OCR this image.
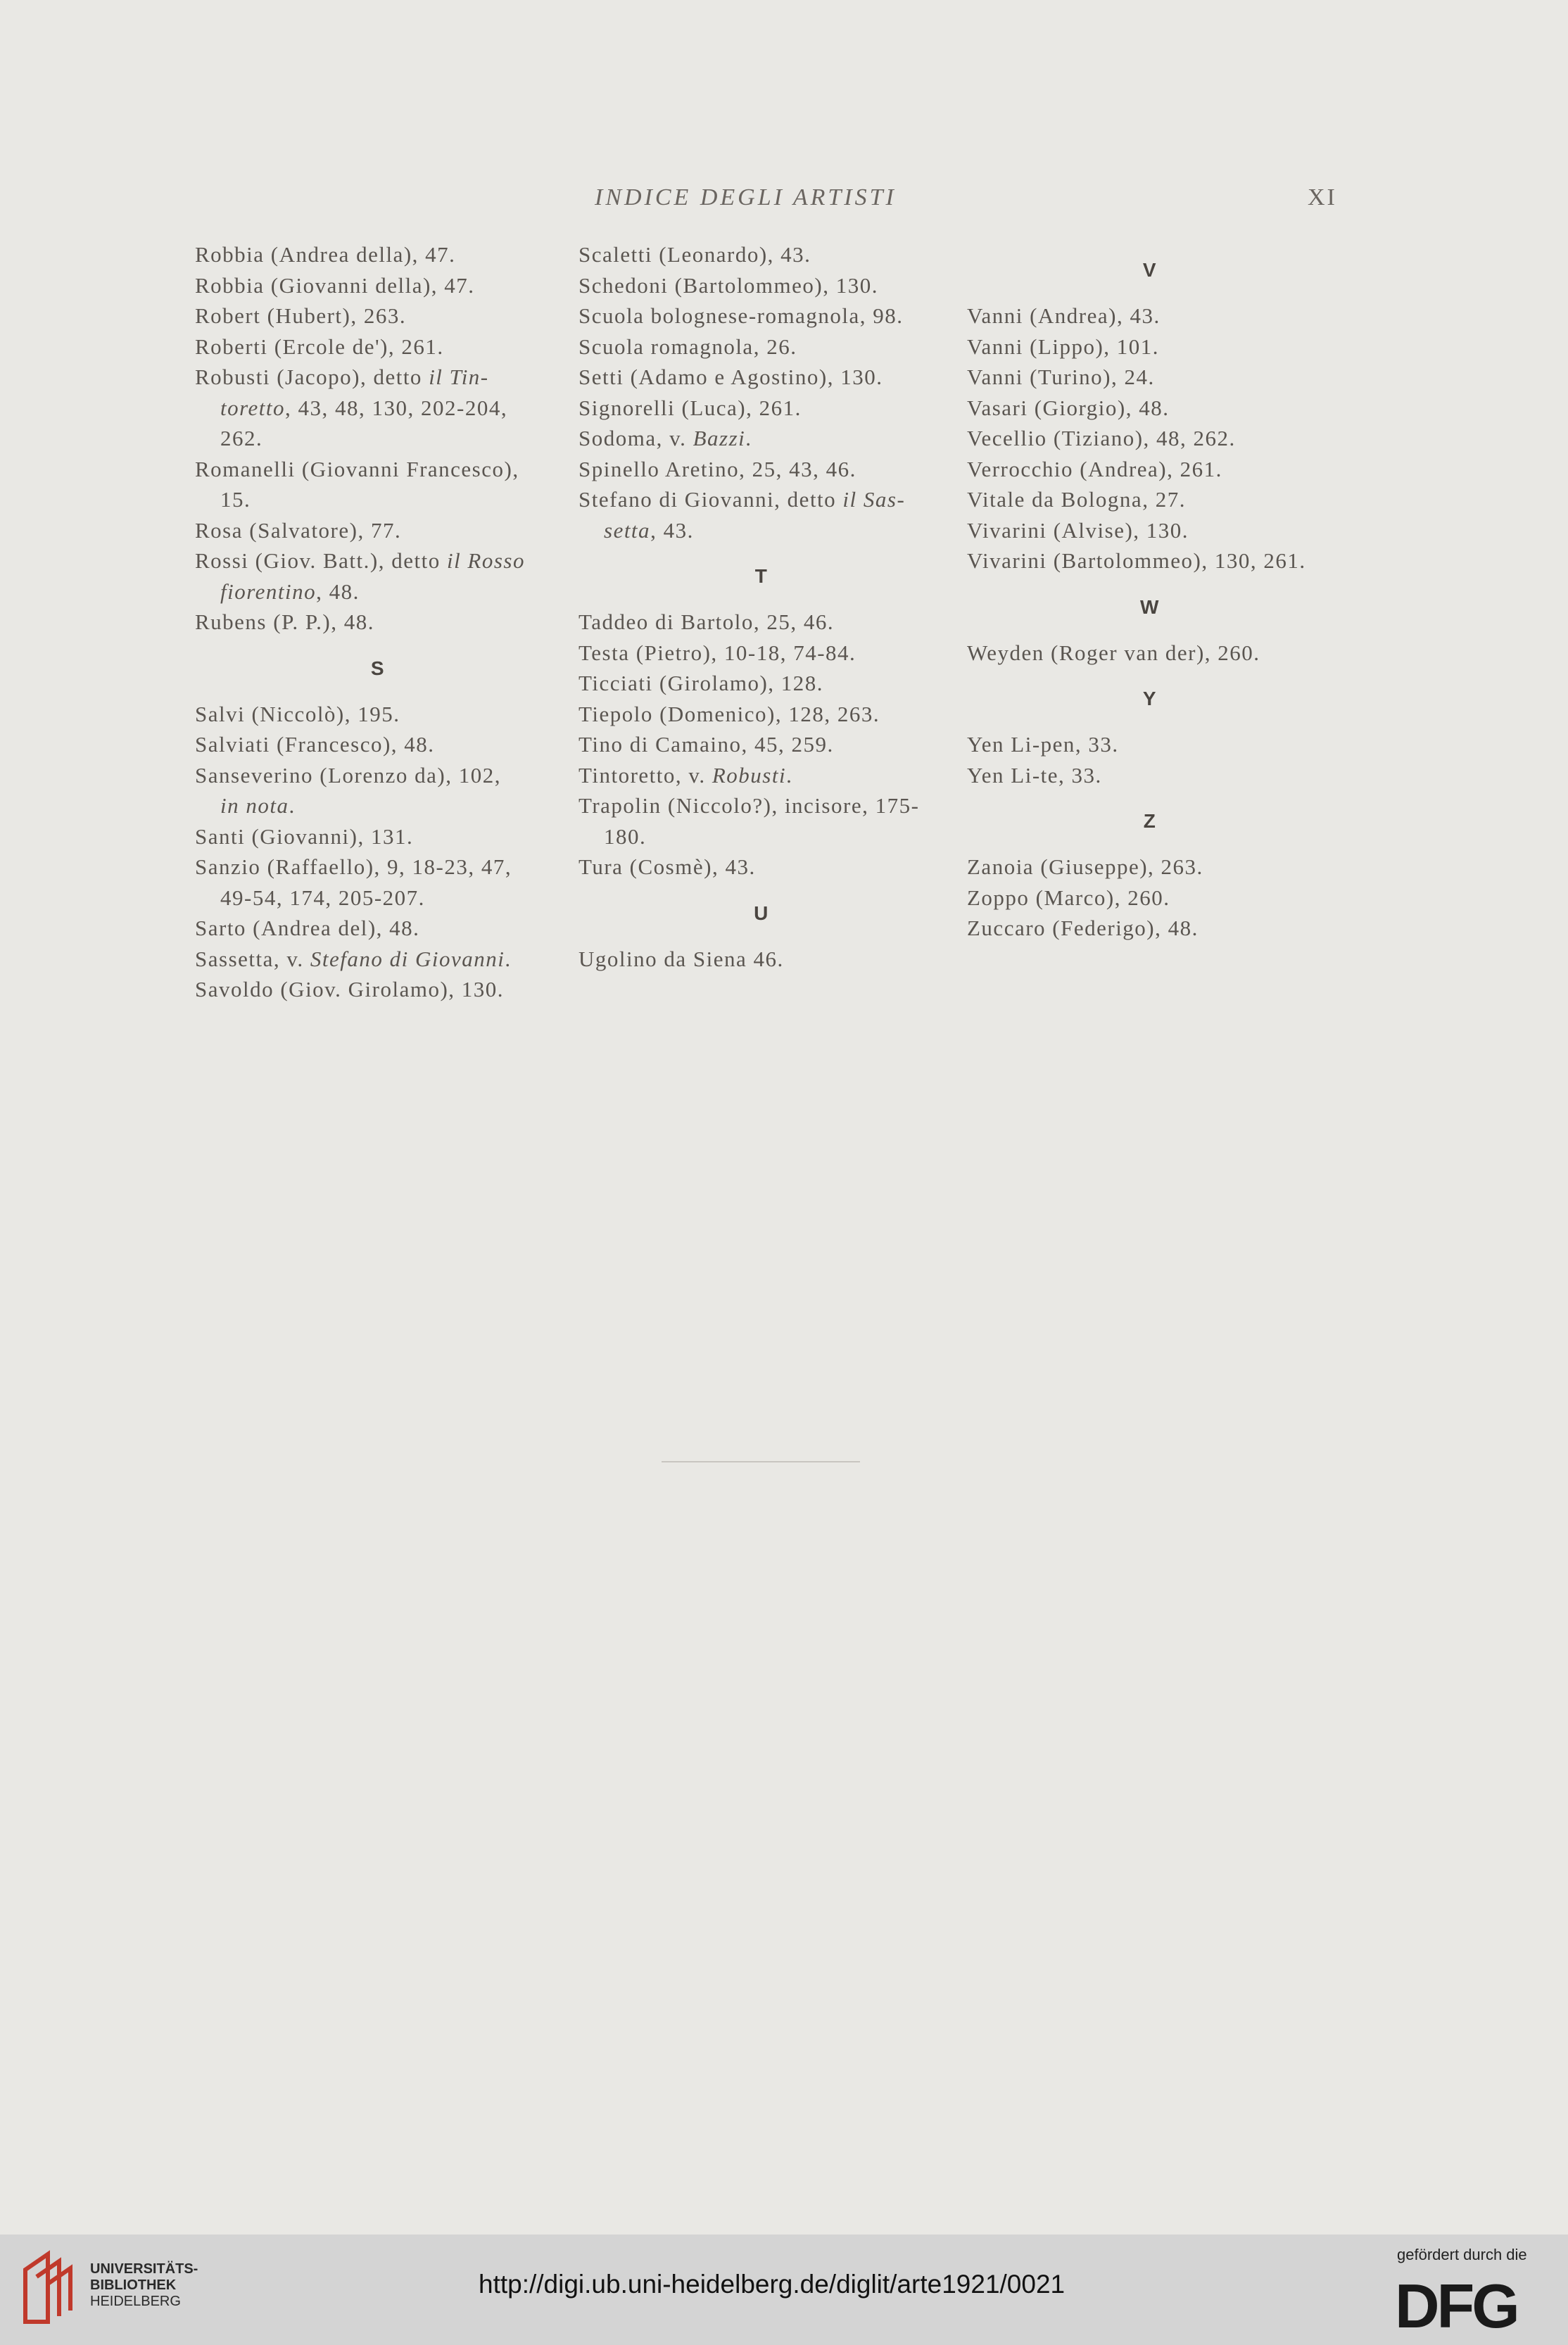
INDICE DEGLI ARTISTI	XI
Robbia (Andrea della), 47.
Robbia (Giovanni della), 47.
Robert (Hubert), 263.
Roberti (Ercole de'), 261.
Robusti (Jacopo), detto il Tin-
toretto, 43, 48, 130, 202-204,
262.
Romanelli (Giovanni Francesco),
15.
Rosa (Salvatore), 77.
Rossi (Giov. Batt.), detto il Rosso
fiorentino, 48.
Rubens (P. P.), 48.
S
Salvi (Niccolò), 195.
Salviati (Francesco), 48.
Sanseverino (Lorenzo da), 102,
in nota.
Santi (Giovanni), 131.
Sanzio (Raffaello), 9, 18-23, 47,
49-54, 174, 205-207.
Sarto (Andrea del), 48.
Sassetta, v. Stefano di Giovanni.
Savoldo (Giov. Girolamo), 130.
Scaletti (Leonardo), 43.
Schedoni (Bartolommeo), 130.
Scuola bolognese-romagnola, 98.
Scuola romagnola, 26.
Setti (Adamo e Agostino), 130.
Signorelli (Luca), 261.
Sodoma, v. Bazzi.
Spinello Aretino, 25, 43, 46.
Stefano di Giovanni, detto il Sas-
setta, 43.
T
Taddeo di Bartolo, 25, 46.
Testa (Pietro), 10-18, 74-84.
Ticciati (Girolamo), 128.
Tiepolo (Domenico), 128, 263.
Tino di Camaino, 45, 259.
Tintoretto, v. Robusti.
Trapolin (Niccolo?), incisore, 175-
180.
Tura (Cosmè), 43.
U
Ugolino da Siena 46.
V
Vanni (Andrea), 43.
Vanni (Lippo), 101.
Vanni (Turino), 24.
Vasari (Giorgio), 48.
Vecellio (Tiziano), 48, 262.
Verrocchio (Andrea), 261.
Vitale da Bologna, 27.
Vivarini (Alvise), 130.
Vivarini (Bartolommeo), 130, 261.
W
Weyden (Roger van der), 260.
Y
Yen Li-pen, 33.
Yen Li-te, 33.
Z
Zanoia (Giuseppe), 263.
Zoppo (Marco), 260.
Zuccaro (Federigo), 48.
UNIVERSITÄTS-
BIBLIOTHEK
HEIDELBERG
http://digi.ub.uni-heidelberg.de/diglit/arte1921/0021
gefördert durch die
DFG
